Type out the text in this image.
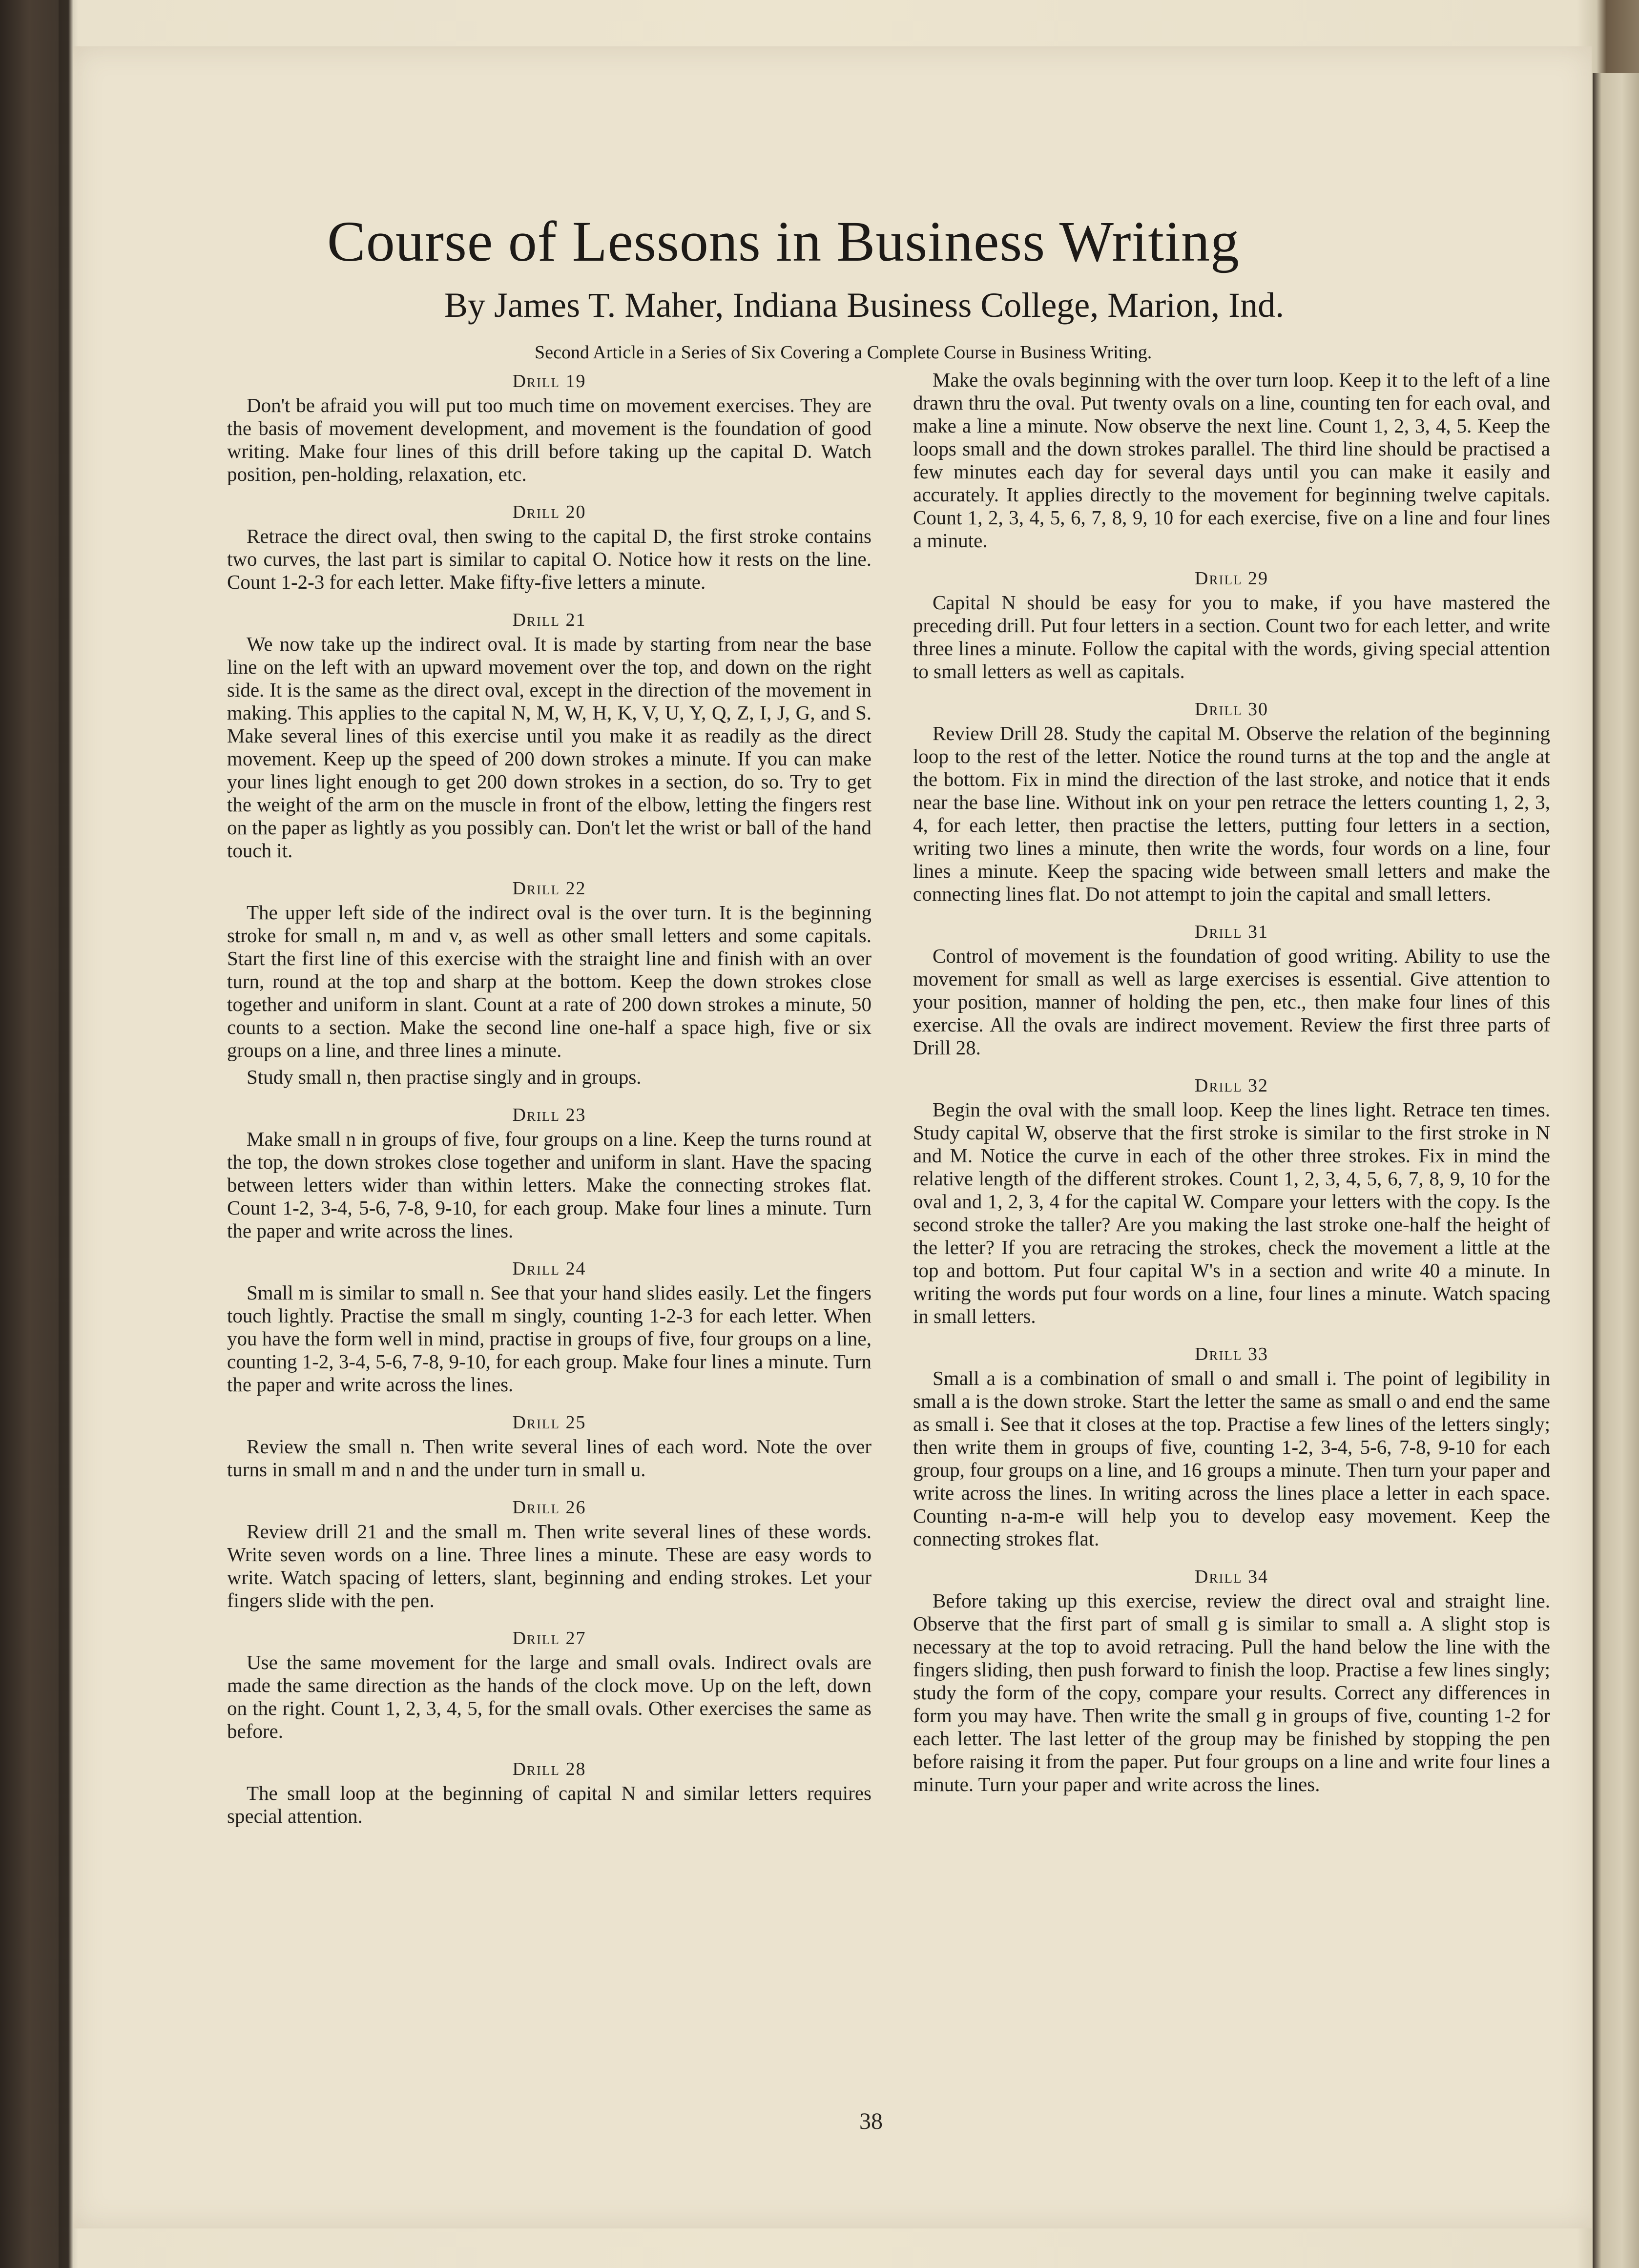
Course of Lessons in Business Writing
By James T. Maher, Indiana Business College, Marion, Ind.
Second Article in a Series of Six Covering a Complete Course in Business Writing.

Drill 19

Don't be afraid you will put too much time on movement exercises. They are the basis of movement development, and movement is the foundation of good writing. Make four lines of this drill before taking up the capital D. Watch position, pen-holding, relaxation, etc.

Drill 20

Retrace the direct oval, then swing to the capital D, the first stroke contains two curves, the last part is similar to capital O. Notice how it rests on the line. Count 1-2-3 for each letter. Make fifty-five letters a minute.

Drill 21

We now take up the indirect oval. It is made by starting from near the base line on the left with an upward movement over the top, and down on the right side. It is the same as the direct oval, except in the direction of the movement in making. This applies to the capital N, M, W, H, K, V, U, Y, Q, Z, I, J, G, and S. Make several lines of this exercise until you make it as readily as the direct movement. Keep up the speed of 200 down strokes a minute. If you can make your lines light enough to get 200 down strokes in a section, do so. Try to get the weight of the arm on the muscle in front of the elbow, letting the fingers rest on the paper as lightly as you possibly can. Don't let the wrist or ball of the hand touch it.

Drill 22

The upper left side of the indirect oval is the over turn. It is the beginning stroke for small n, m and v, as well as other small letters and some capitals. Start the first line of this exercise with the straight line and finish with an over turn, round at the top and sharp at the bottom. Keep the down strokes close together and uniform in slant. Count at a rate of 200 down strokes a minute, 50 counts to a section. Make the second line one-half a space high, five or six groups on a line, and three lines a minute.

Study small n, then practise singly and in groups.

Drill 23

Make small n in groups of five, four groups on a line. Keep the turns round at the top, the down strokes close together and uniform in slant. Have the spacing between letters wider than within letters. Make the connecting strokes flat. Count 1-2, 3-4, 5-6, 7-8, 9-10, for each group. Make four lines a minute. Turn the paper and write across the lines.

Drill 24

Small m is similar to small n. See that your hand slides easily. Let the fingers touch lightly. Practise the small m singly, counting 1-2-3 for each letter. When you have the form well in mind, practise in groups of five, four groups on a line, counting 1-2, 3-4, 5-6, 7-8, 9-10, for each group. Make four lines a minute. Turn the paper and write across the lines.

Drill 25

Review the small n. Then write several lines of each word. Note the over turns in small m and n and the under turn in small u.

Drill 26

Review drill 21 and the small m. Then write several lines of these words. Write seven words on a line. Three lines a minute. These are easy words to write. Watch spacing of letters, slant, beginning and ending strokes. Let your fingers slide with the pen.

Drill 27

Use the same movement for the large and small ovals. Indirect ovals are made the same direction as the hands of the clock move. Up on the left, down on the right. Count 1, 2, 3, 4, 5, for the small ovals. Other exercises the same as before.

Drill 28

The small loop at the beginning of capital N and similar letters requires special attention.

Make the ovals beginning with the over turn loop. Keep it to the left of a line drawn thru the oval. Put twenty ovals on a line, counting ten for each oval, and make a line a minute. Now observe the next line. Count 1, 2, 3, 4, 5. Keep the loops small and the down strokes parallel. The third line should be practised a few minutes each day for several days until you can make it easily and accurately. It applies directly to the movement for beginning twelve capitals. Count 1, 2, 3, 4, 5, 6, 7, 8, 9, 10 for each exercise, five on a line and four lines a minute.

Drill 29

Capital N should be easy for you to make, if you have mastered the preceding drill. Put four letters in a section. Count two for each letter, and write three lines a minute. Follow the capital with the words, giving special attention to small letters as well as capitals.

Drill 30

Review Drill 28. Study the capital M. Observe the relation of the beginning loop to the rest of the letter. Notice the round turns at the top and the angle at the bottom. Fix in mind the direction of the last stroke, and notice that it ends near the base line. Without ink on your pen retrace the letters counting 1, 2, 3, 4, for each letter, then practise the letters, putting four letters in a section, writing two lines a minute, then write the words, four words on a line, four lines a minute. Keep the spacing wide between small letters and make the connecting lines flat. Do not attempt to join the capital and small letters.

Drill 31

Control of movement is the foundation of good writing. Ability to use the movement for small as well as large exercises is essential. Give attention to your position, manner of holding the pen, etc., then make four lines of this exercise. All the ovals are indirect movement. Review the first three parts of Drill 28.

Drill 32

Begin the oval with the small loop. Keep the lines light. Retrace ten times. Study capital W, observe that the first stroke is similar to the first stroke in N and M. Notice the curve in each of the other three strokes. Fix in mind the relative length of the different strokes. Count 1, 2, 3, 4, 5, 6, 7, 8, 9, 10 for the oval and 1, 2, 3, 4 for the capital W. Compare your letters with the copy. Is the second stroke the taller? Are you making the last stroke one-half the height of the letter? If you are retracing the strokes, check the movement a little at the top and bottom. Put four capital W's in a section and write 40 a minute. In writing the words put four words on a line, four lines a minute. Watch spacing in small letters.

Drill 33

Small a is a combination of small o and small i. The point of legibility in small a is the down stroke. Start the letter the same as small o and end the same as small i. See that it closes at the top. Practise a few lines of the letters singly; then write them in groups of five, counting 1-2, 3-4, 5-6, 7-8, 9-10 for each group, four groups on a line, and 16 groups a minute. Then turn your paper and write across the lines. In writing across the lines place a letter in each space. Counting n-a-m-e will help you to develop easy movement. Keep the connecting strokes flat.

Drill 34

Before taking up this exercise, review the direct oval and straight line. Observe that the first part of small g is similar to small a. A slight stop is necessary at the top to avoid retracing. Pull the hand below the line with the fingers sliding, then push forward to finish the loop. Practise a few lines singly; study the form of the copy, compare your results. Correct any differences in form you may have. Then write the small g in groups of five, counting 1-2 for each letter. The last letter of the group may be finished by stopping the pen before raising it from the paper. Put four groups on a line and write four lines a minute. Turn your paper and write across the lines.

38
